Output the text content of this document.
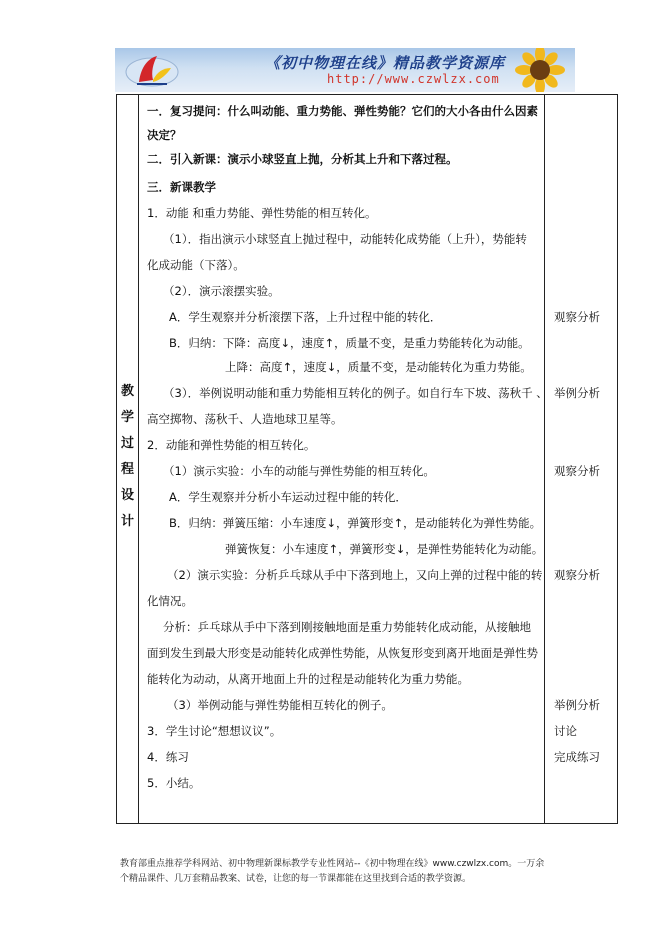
《初中物理在线》精品教学资源库
http://www.czwlzx.com
教
学
过
程
设
计
一．复习提问：什么叫动能、重力势能、弹性势能？它们的大小各由什么因素
决定？
二．引入新课：演示小球竖直上抛，分析其上升和下落过程。
三．新课教学
1．动能 和重力势能、弹性势能的相互转化。
（1）．指出演示小球竖直上抛过程中，动能转化成势能（上升），势能转
化成动能（下落）。
（2）．演示滚摆实验。
A．学生观察并分析滚摆下落，上升过程中能的转化．
B．归纳：下降：高度↓，速度↑，质量不变，是重力势能转化为动能。
上降：高度↑，速度↓，质量不变，是动能转化为重力势能。
（3）．举例说明动能和重力势能相互转化的例子。如自行车下坡、荡秋千 、
高空掷物、荡秋千、人造地球卫星等。
2．动能和弹性势能的相互转化。
（1）演示实验：小车的动能与弹性势能的相互转化。
A．学生观察并分析小车运动过程中能的转化．
B．归纳：弹簧压缩：小车速度↓，弹簧形变↑，是动能转化为弹性势能。
弹簧恢复：小车速度↑，弹簧形变↓，是弹性势能转化为动能。
（2）演示实验：分析乒乓球从手中下落到地上，又向上弹的过程中能的转
化情况。
分析：乒乓球从手中下落到刚接触地面是重力势能转化成动能，从接触地
面到发生到最大形变是动能转化成弹性势能，从恢复形变到离开地面是弹性势
能转化为动动，从离开地面上升的过程是动能转化为重力势能。
（3）举例动能与弹性势能相互转化的例子。
3．学生讨论“想想议议”。
4．练习
5．小结。
观察分析
举例分析
观察分析
观察分析
举例分析
讨论
完成练习
教育部重点推荐学科网站、初中物理新课标教学专业性网站--《初中物理在线》www.czwlzx.com。一万余
个精品课件、几万套精品教案、试卷，让您的每一节课都能在这里找到合适的教学资源。
